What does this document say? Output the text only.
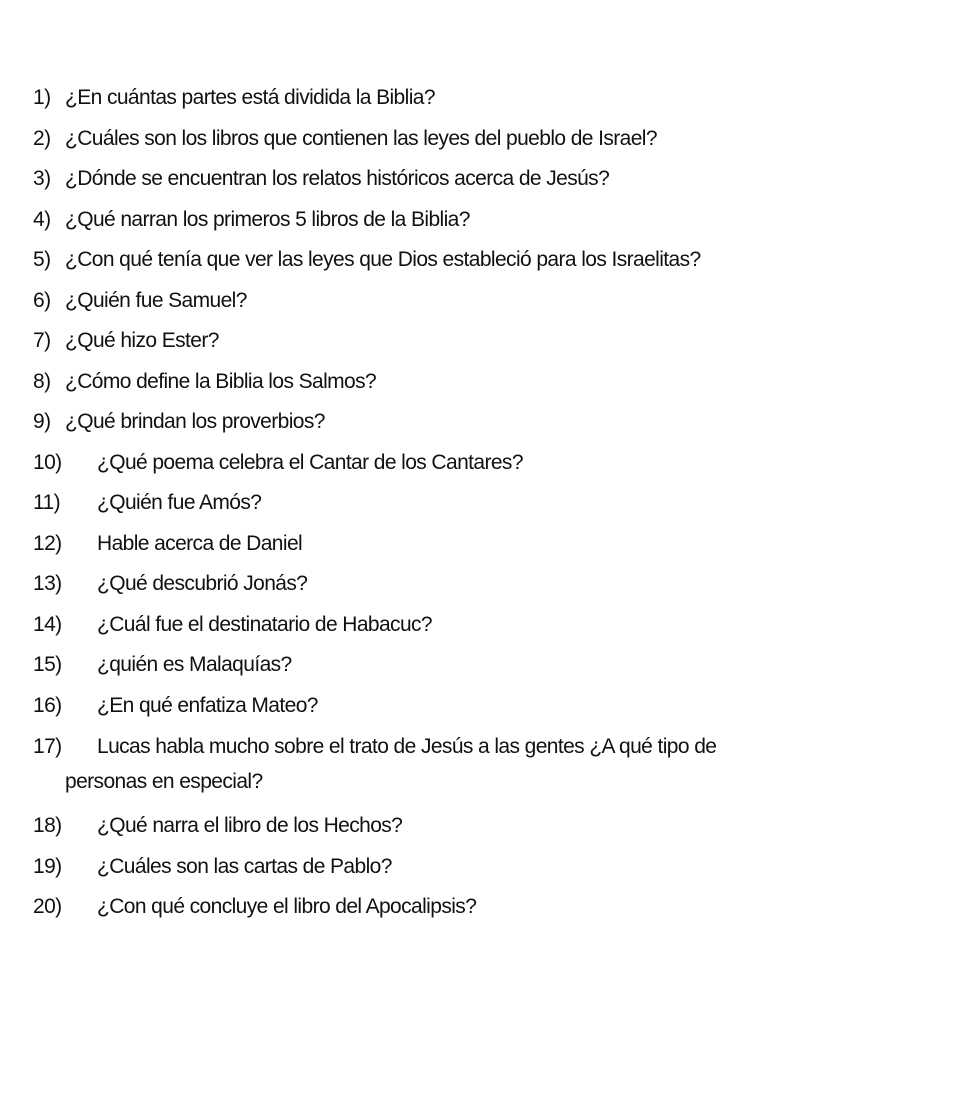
1) ¿En cuántas partes está dividida la Biblia?
2) ¿Cuáles son los libros que contienen las leyes del pueblo de Israel?
3) ¿Dónde se encuentran los relatos históricos acerca de Jesús?
4) ¿Qué narran los primeros 5 libros de la Biblia?
5) ¿Con qué tenía que ver las leyes que Dios estableció para los Israelitas?
6) ¿Quién fue Samuel?
7) ¿Qué hizo Ester?
8) ¿Cómo define la Biblia los Salmos?
9) ¿Qué brindan los proverbios?
10) ¿Qué poema celebra el Cantar de los Cantares?
11) ¿Quién fue Amós?
12) Hable acerca de Daniel
13) ¿Qué descubrió Jonás?
14) ¿Cuál fue el destinatario de Habacuc?
15) ¿quién es Malaquías?
16) ¿En qué enfatiza Mateo?
17) Lucas habla mucho sobre el trato de Jesús a las gentes ¿A qué tipo de
personas en especial?
18) ¿Qué narra el libro de los Hechos?
19) ¿Cuáles son las cartas de Pablo?
20) ¿Con qué concluye el libro del Apocalipsis?
